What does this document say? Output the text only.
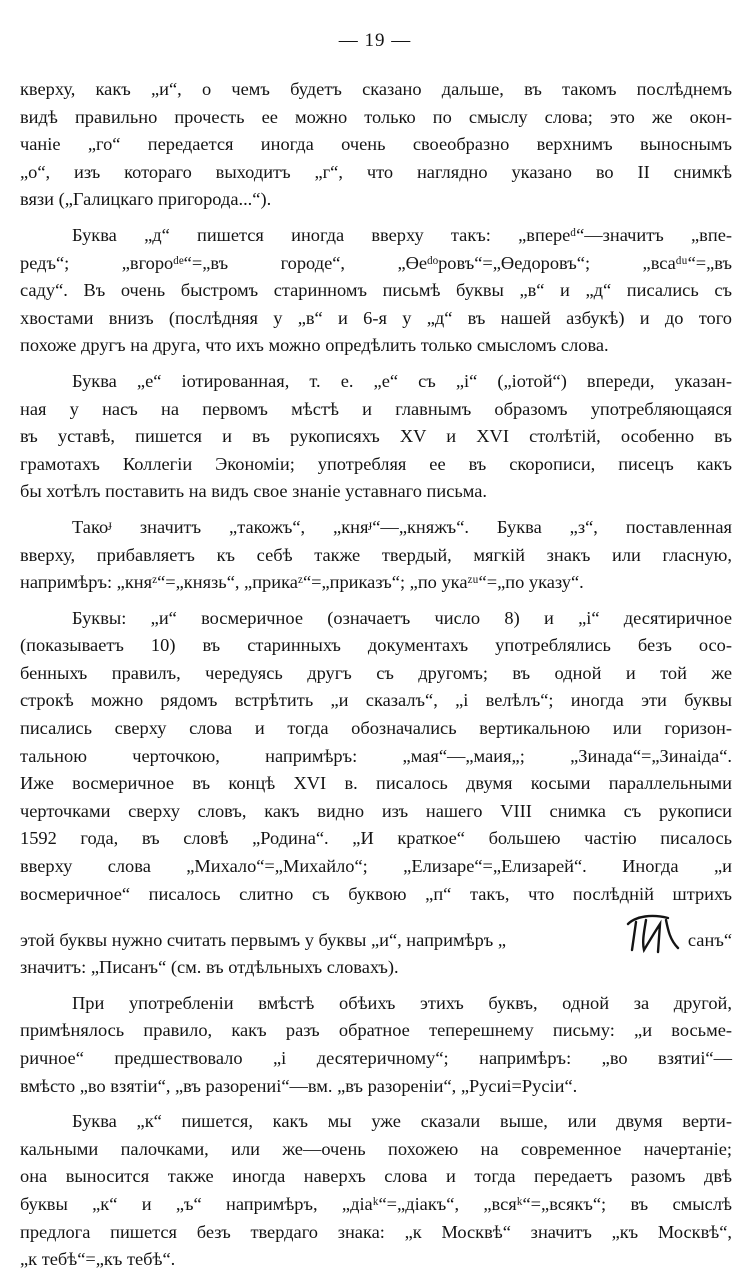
— 19 —
кверху, какъ „и“, о чемъ будетъ сказано дальше, въ такомъ послѣднемъ
видѣ правильно прочесть ее можно только по смыслу слова; это же окон-
чаніе „го“ передается иногда очень своеобразно верхнимъ выноснымъ
„о“, изъ котораго выходитъ „г“, что наглядно указано во II снимкѣ
вязи („Галицкаго пригорода...“).
Буква „д“ пишется иногда вверху такъ: „впереᵈ“—значитъ „впе-
редъ“; „вгороᵈᵉ“=„въ городе“, „Өеᵈᵒровъ“=„Өедоровъ“; „всаᵈᵘ“=„въ
саду“. Въ очень быстромъ старинномъ письмѣ буквы „в“ и „д“ писались съ
хвостами внизъ (послѣдняя у „в“ и 6-я у „д“ въ нашей азбукѣ) и до того
похоже другъ на друга, что ихъ можно опредѣлить только смысломъ слова.
Буква „е“ іотированная, т. е. „е“ съ „і“ („іотой“) впереди, указан-
ная у насъ на первомъ мѣстѣ и главнымъ образомъ употребляющаяся
въ уставѣ, пишется и въ рукописяхъ XV и XVI столѣтій, особенно въ
грамотахъ Коллегіи Экономіи; употребляя ее въ скорописи, писецъ какъ
бы хотѣлъ поставить на видъ свое знаніе уставнаго письма.
Такоᶡ значитъ „такожъ“, „княᶡ“—„княжъ“. Буква „з“, поставленная
вверху, прибавляетъ къ себѣ также твердый, мягкій знакъ или гласную,
напримѣръ: „княᶻ“=„князь“, „прикаᶻ“=„приказъ“; „по укаᶻᵘ“=„по указу“.
Буквы: „и“ восмеричное (означаетъ число 8) и „і“ десятиричное
(показываетъ 10) въ старинныхъ документахъ употреблялись безъ осо-
бенныхъ правилъ, чередуясь другъ съ другомъ; въ одной и той же
строкѣ можно рядомъ встрѣтить „и сказалъ“, „і велѣлъ“; иногда эти буквы
писались сверху слова и тогда обозначались вертикальною или горизон-
тальною черточкою, напримѣръ: „мая“—„маия„; „Зинада“=„Зинаіда“.
Иже восмеричное въ концѣ XVI в. писалось двумя косыми параллельными
черточками сверху словъ, какъ видно изъ нашего VIII снимка съ рукописи
1592 года, въ словѣ „Родина“. „И краткое“ большею частію писалось
вверху слова „Михало“=„Михайло“; „Елизаре“=„Елизарей“. Иногда „и
восмеричное“ писалось слитно съ буквою „п“ такъ, что послѣдній штрихъ
этой буквы нужно считать первымъ у буквы „и“, напримѣръ „	санъ“
значитъ: „Писанъ“ (см. въ отдѣльныхъ словахъ).
При употребленіи вмѣстѣ обѣихъ этихъ буквъ, одной за другой,
примѣнялось правило, какъ разъ обратное теперешнему письму: „и восьме-
ричное“ предшествовало „і десятеричному“; напримѣръ: „во взятиі“—
вмѣсто „во взятіи“, „въ разорениі“—вм. „въ разореніи“, „Русиі=Русіи“.
Буква „к“ пишется, какъ мы уже сказали выше, или двумя верти-
кальными палочками, или же—очень похожею на современное начертаніе;
она выносится также иногда наверхъ слова и тогда передаетъ разомъ двѣ
буквы „к“ и „ъ“ напримѣръ, „діаᵏ“=„діакъ“, „всяᵏ“=„всякъ“; въ смыслѣ
предлога пишется безъ твердаго знака: „к Москвѣ“ значитъ „къ Москвѣ“,
„к тебѣ“=„къ тебѣ“.
